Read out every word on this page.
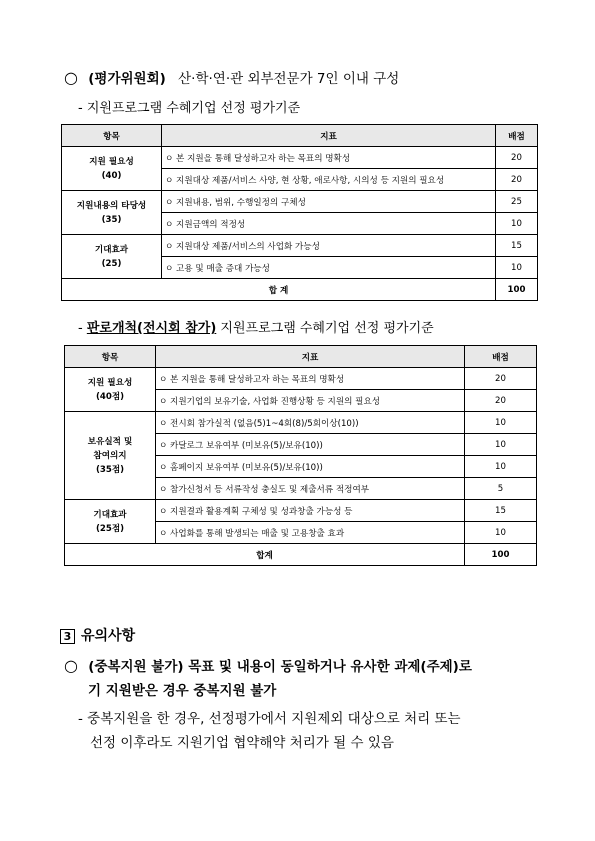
○ (평가위원회) 산·학·연·관 외부전문가 7인 이내 구성
- 지원프로그램 수혜기업 선정 평가기준
항목	지표	배점
지원 필요성
(40)	ㅇ 본 지원을 통해 달성하고자 하는 목표의 명확성	20
	ㅇ 지원대상 제품/서비스 사양, 현 상황, 애로사항, 시의성 등 지원의 필요성	20
지원내용의 타당성
(35)	ㅇ 지원내용, 범위, 수행일정의 구체성	25
	ㅇ 지원금액의 적정성	10
기대효과
(25)	ㅇ 지원대상 제품/서비스의 사업화 가능성	15
	ㅇ 고용 및 매출 증대 가능성	10
합 계		100
- 판로개척(전시회 참가) 지원프로그램 수혜기업 선정 평가기준
항목	지표	배점
지원 필요성
(40점)	ㅇ 본 지원을 통해 달성하고자 하는 목표의 명확성	20
	ㅇ 지원기업의 보유기술, 사업화 진행상황 등 지원의 필요성	20
보유실적 및
참여의지
(35점)	ㅇ 전시회 참가실적 (없음(5)1~4회(8)/5회이상(10))	10
	ㅇ 카달로그 보유여부 (미보유(5)/보유(10))	10
	ㅇ 홈페이지 보유여부 (미보유(5)/보유(10))	10
	ㅇ 참가신청서 등 서류작성 충실도 및 제출서류 적정여부	5
기대효과
(25점)	ㅇ 지원결과 활용계획 구체성 및 성과창출 가능성 등	15
	ㅇ 사업화를 통해 발생되는 매출 및 고용창출 효과	10
합계		100
3 유의사항
○ (중복지원 불가) 목표 및 내용이 동일하거나 유사한 과제(주제)로
기 지원받은 경우 중복지원 불가
- 중복지원을 한 경우, 선정평가에서 지원제외 대상으로 처리 또는
선정 이후라도 지원기업 협약해약 처리가 될 수 있음
